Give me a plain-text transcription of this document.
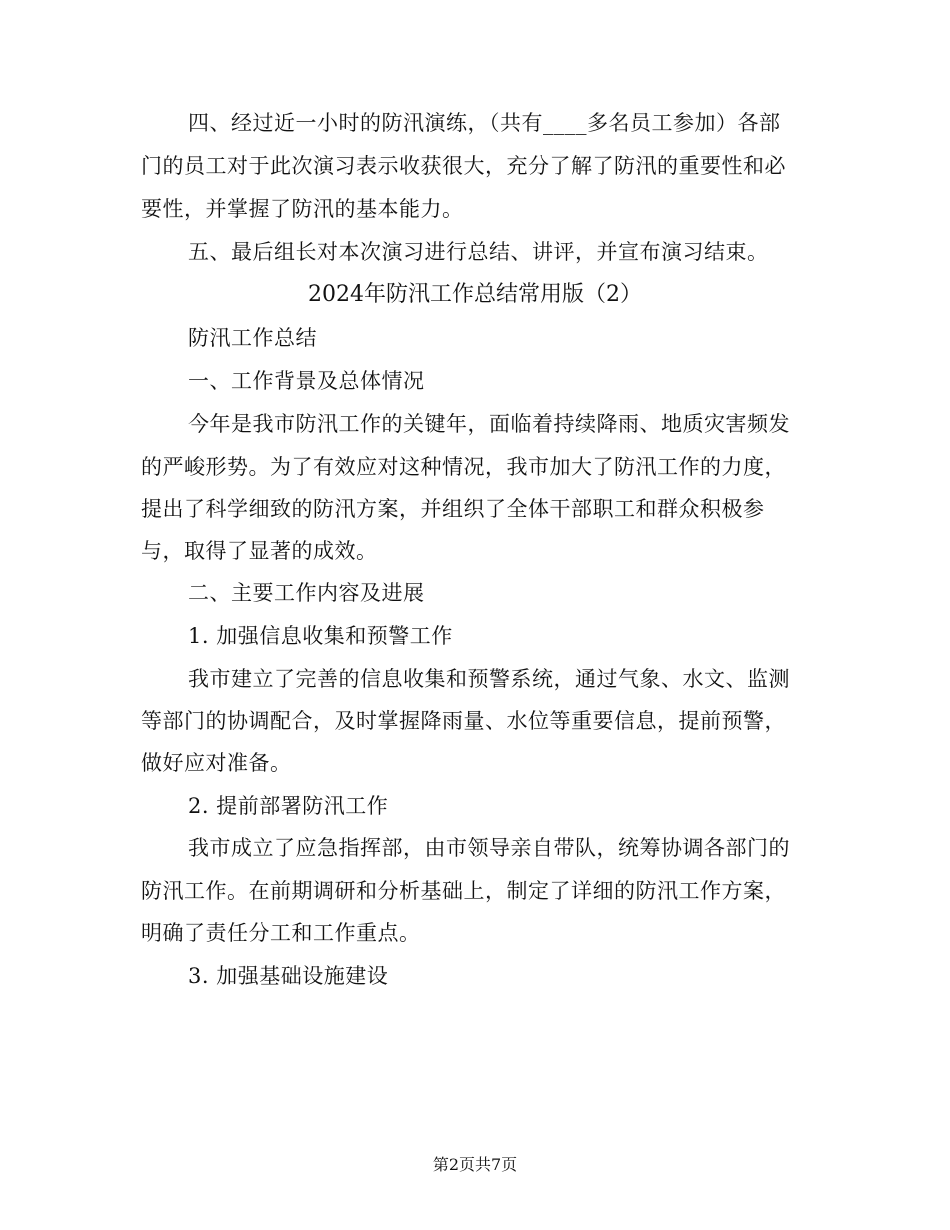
四、经过近一小时的防汛演练，（共有____多名员工参加）各部
门的员工对于此次演习表示收获很大，充分了解了防汛的重要性和必
要性，并掌握了防汛的基本能力。
五、最后组长对本次演习进行总结、讲评，并宣布演习结束。
2024年防汛工作总结常用版（2）
防汛工作总结
一、工作背景及总体情况
今年是我市防汛工作的关键年，面临着持续降雨、地质灾害频发
的严峻形势。为了有效应对这种情况，我市加大了防汛工作的力度，
提出了科学细致的防汛方案，并组织了全体干部职工和群众积极参
与，取得了显著的成效。
二、主要工作内容及进展
1. 加强信息收集和预警工作
我市建立了完善的信息收集和预警系统，通过气象、水文、监测
等部门的协调配合，及时掌握降雨量、水位等重要信息，提前预警，
做好应对准备。
2. 提前部署防汛工作
我市成立了应急指挥部，由市领导亲自带队，统筹协调各部门的
防汛工作。在前期调研和分析基础上，制定了详细的防汛工作方案，
明确了责任分工和工作重点。
3. 加强基础设施建设
第2页共7页
